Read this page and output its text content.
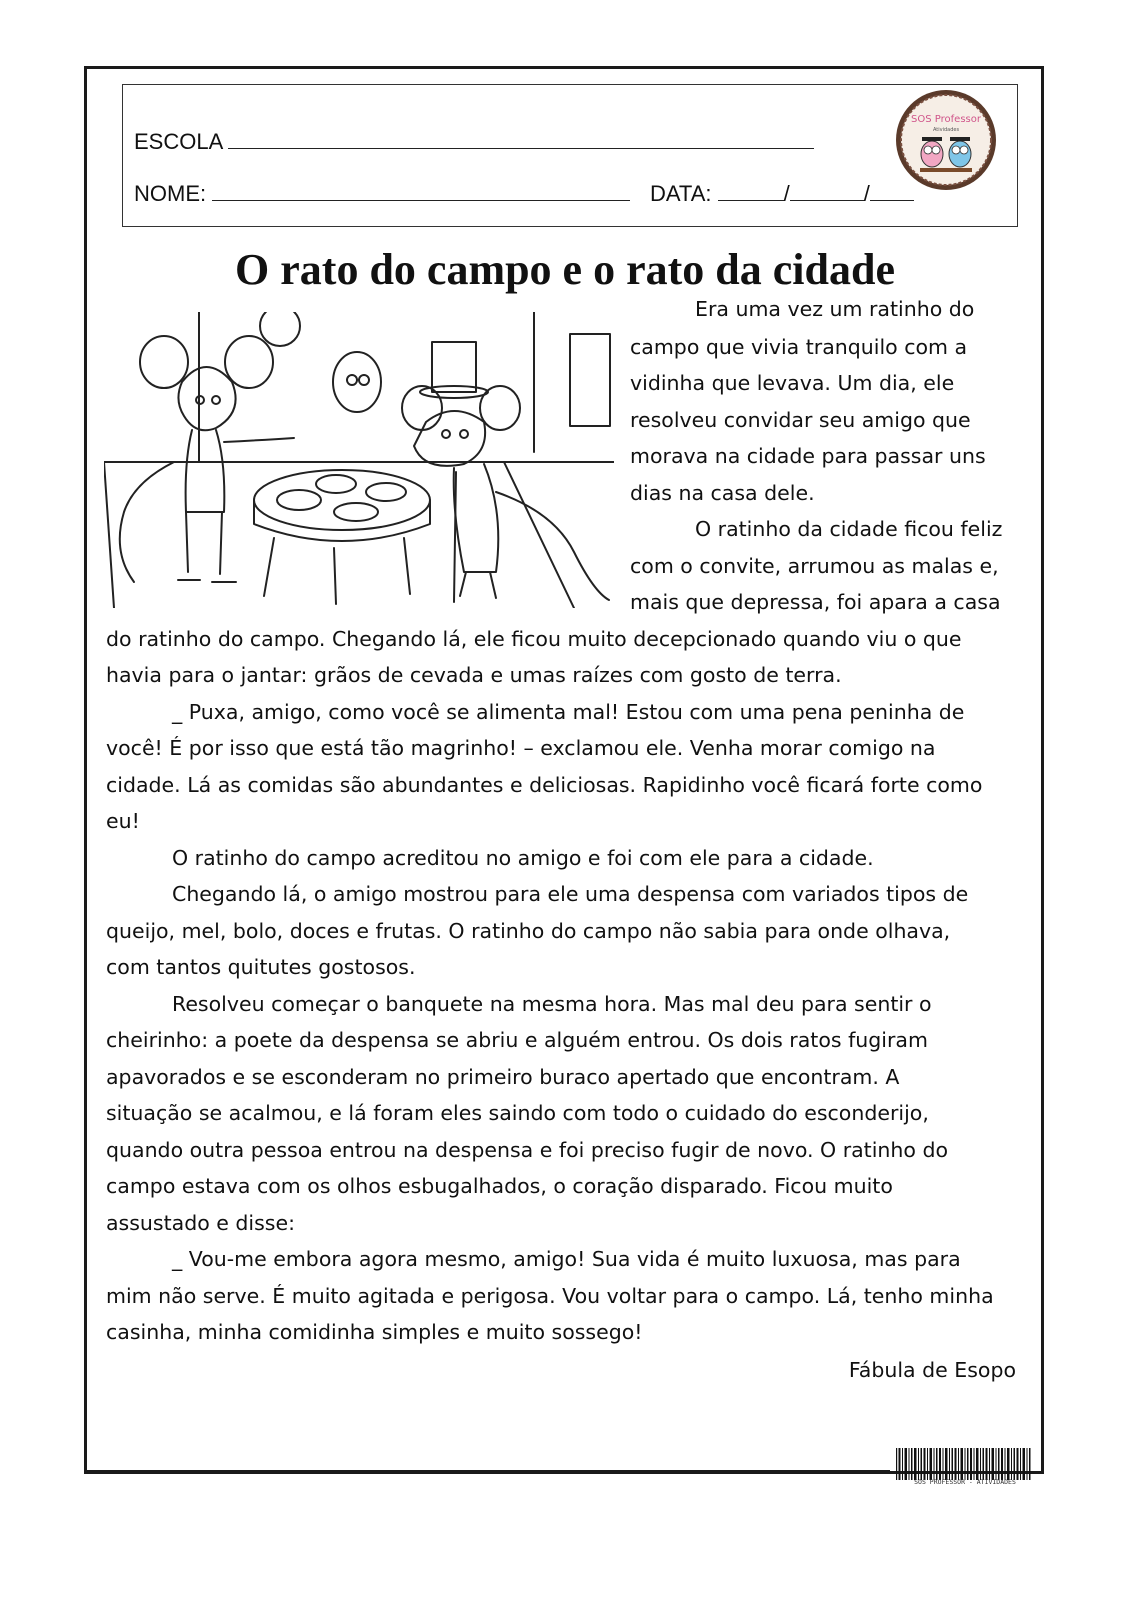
ESCOLA
NOME:	DATA:	/	/
SOS Professor
Atividades
O rato do campo e o rato da cidade
Era uma vez um ratinho do
campo que vivia tranquilo com a
vidinha que levava. Um dia, ele
resolveu convidar seu amigo que
morava na cidade para passar uns
dias na casa dele.
O ratinho da cidade ficou feliz
com o convite, arrumou as malas e,
mais que depressa, foi apara a casa
do ratinho do campo. Chegando lá, ele ficou muito decepcionado quando viu o que
havia para o jantar: grãos de cevada e umas raízes com gosto de terra.
_ Puxa, amigo, como você se alimenta mal! Estou com uma pena peninha de
você! É por isso que está tão magrinho! – exclamou ele. Venha morar comigo na
cidade. Lá as comidas são abundantes e deliciosas. Rapidinho você ficará forte como
eu!
O ratinho do campo acreditou no amigo e foi com ele para a cidade.
Chegando lá, o amigo mostrou para ele uma despensa com variados tipos de
queijo, mel, bolo, doces e frutas. O ratinho do campo não sabia para onde olhava,
com tantos quitutes gostosos.
Resolveu começar o banquete na mesma hora. Mas mal deu para sentir o
cheirinho: a poete da despensa se abriu e alguém entrou. Os dois ratos fugiram
apavorados e se esconderam no primeiro buraco apertado que encontram. A
situação se acalmou, e lá foram eles saindo com todo o cuidado do esconderijo,
quando outra pessoa entrou na despensa e foi preciso fugir de novo. O ratinho do
campo estava com os olhos esbugalhados, o coração disparado. Ficou muito
assustado e disse:
_ Vou-me embora agora mesmo, amigo! Sua vida é muito luxuosa, mas para
mim não serve. É muito agitada e perigosa. Vou voltar para o campo. Lá, tenho minha
casinha, minha comidinha simples e muito sossego!
Fábula de Esopo
SOS PROFESSOR - ATIVIDADES
